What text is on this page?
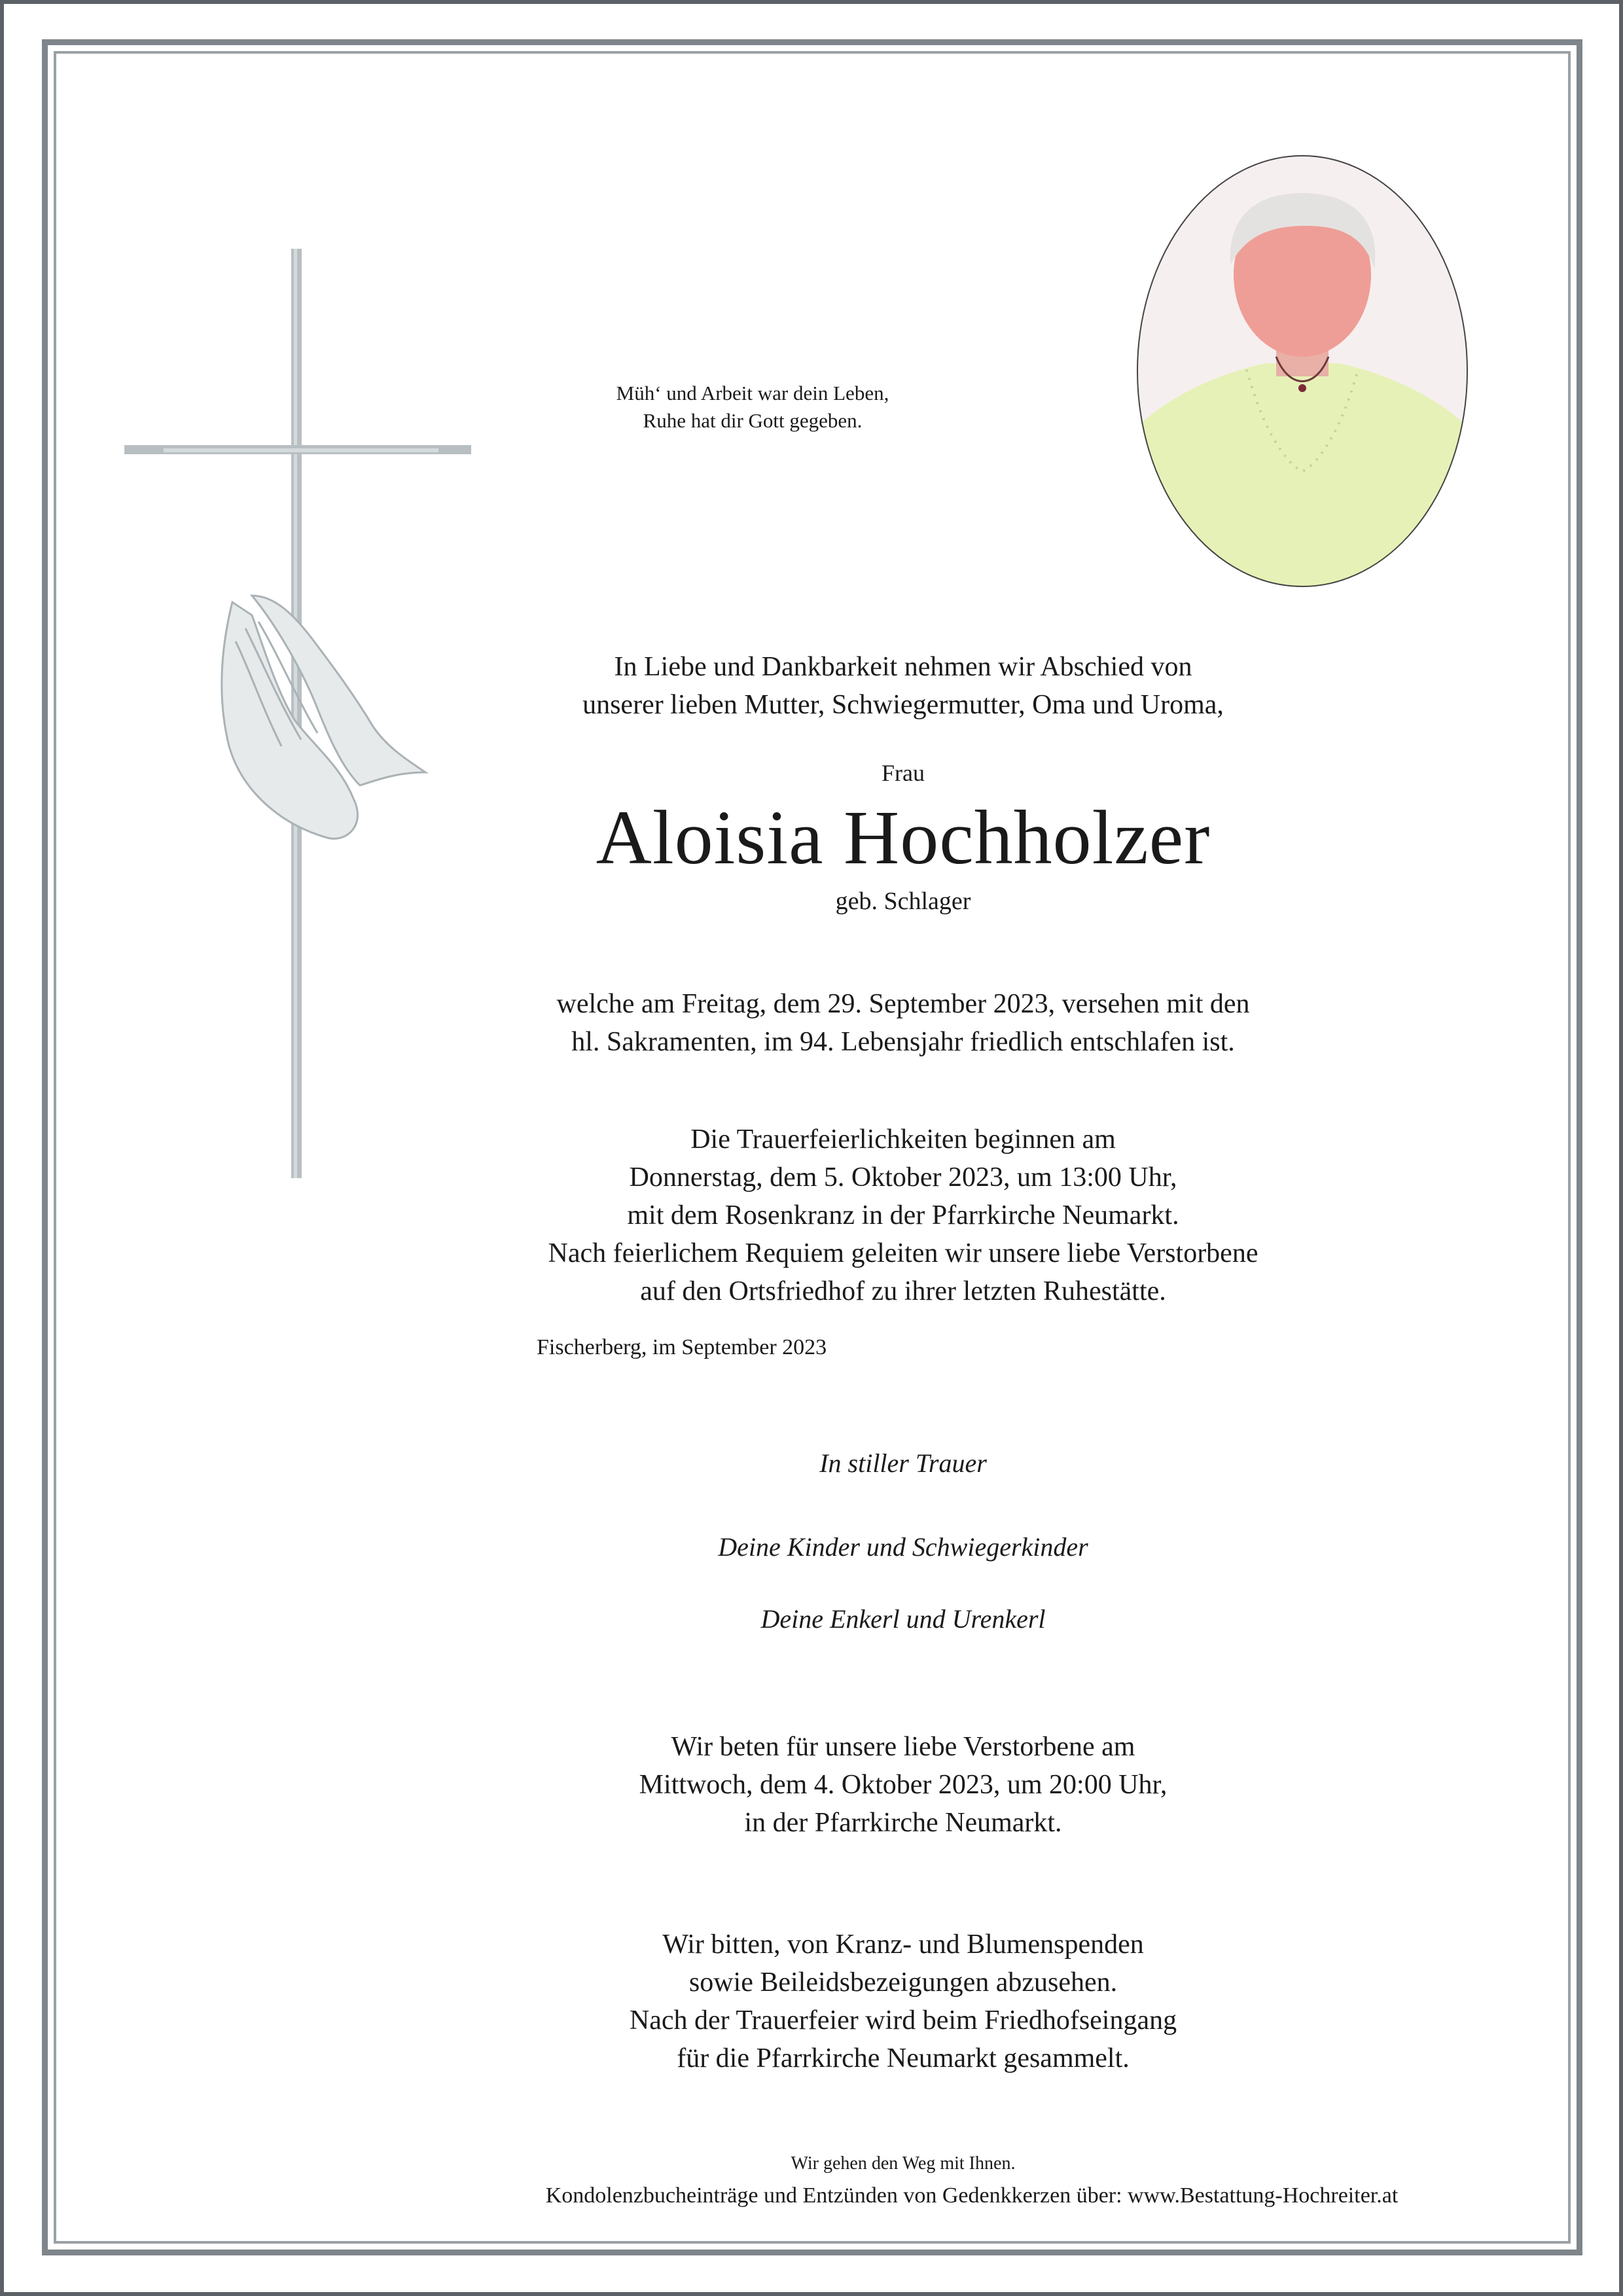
Müh‘ und Arbeit war dein Leben,
Ruhe hat dir Gott gegeben.
In Liebe und Dankbarkeit nehmen wir Abschied von
unserer lieben Mutter, Schwiegermutter, Oma und Uroma,
Frau
Aloisia Hochholzer
geb. Schlager
welche am Freitag, dem 29. September 2023, versehen mit den
hl. Sakramenten, im 94. Lebensjahr friedlich entschlafen ist.
Die Trauerfeierlichkeiten beginnen am
Donnerstag, dem 5. Oktober 2023, um 13:00 Uhr,
mit dem Rosenkranz in der Pfarrkirche Neumarkt.
Nach feierlichem Requiem geleiten wir unsere liebe Verstorbene
auf den Ortsfriedhof zu ihrer letzten Ruhestätte.
Fischerberg, im September 2023
In stiller Trauer
Deine Kinder und Schwiegerkinder
Deine Enkerl und Urenkerl
Wir beten für unsere liebe Verstorbene am
Mittwoch, dem 4. Oktober 2023, um 20:00 Uhr,
in der Pfarrkirche Neumarkt.
Wir bitten, von Kranz- und Blumenspenden
sowie Beileidsbezeigungen abzusehen.
Nach der Trauerfeier wird beim Friedhofseingang
für die Pfarrkirche Neumarkt gesammelt.
Wir gehen den Weg mit Ihnen.
Kondolenzbucheinträge und Entzünden von Gedenkkerzen über: www.Bestattung-Hochreiter.at
